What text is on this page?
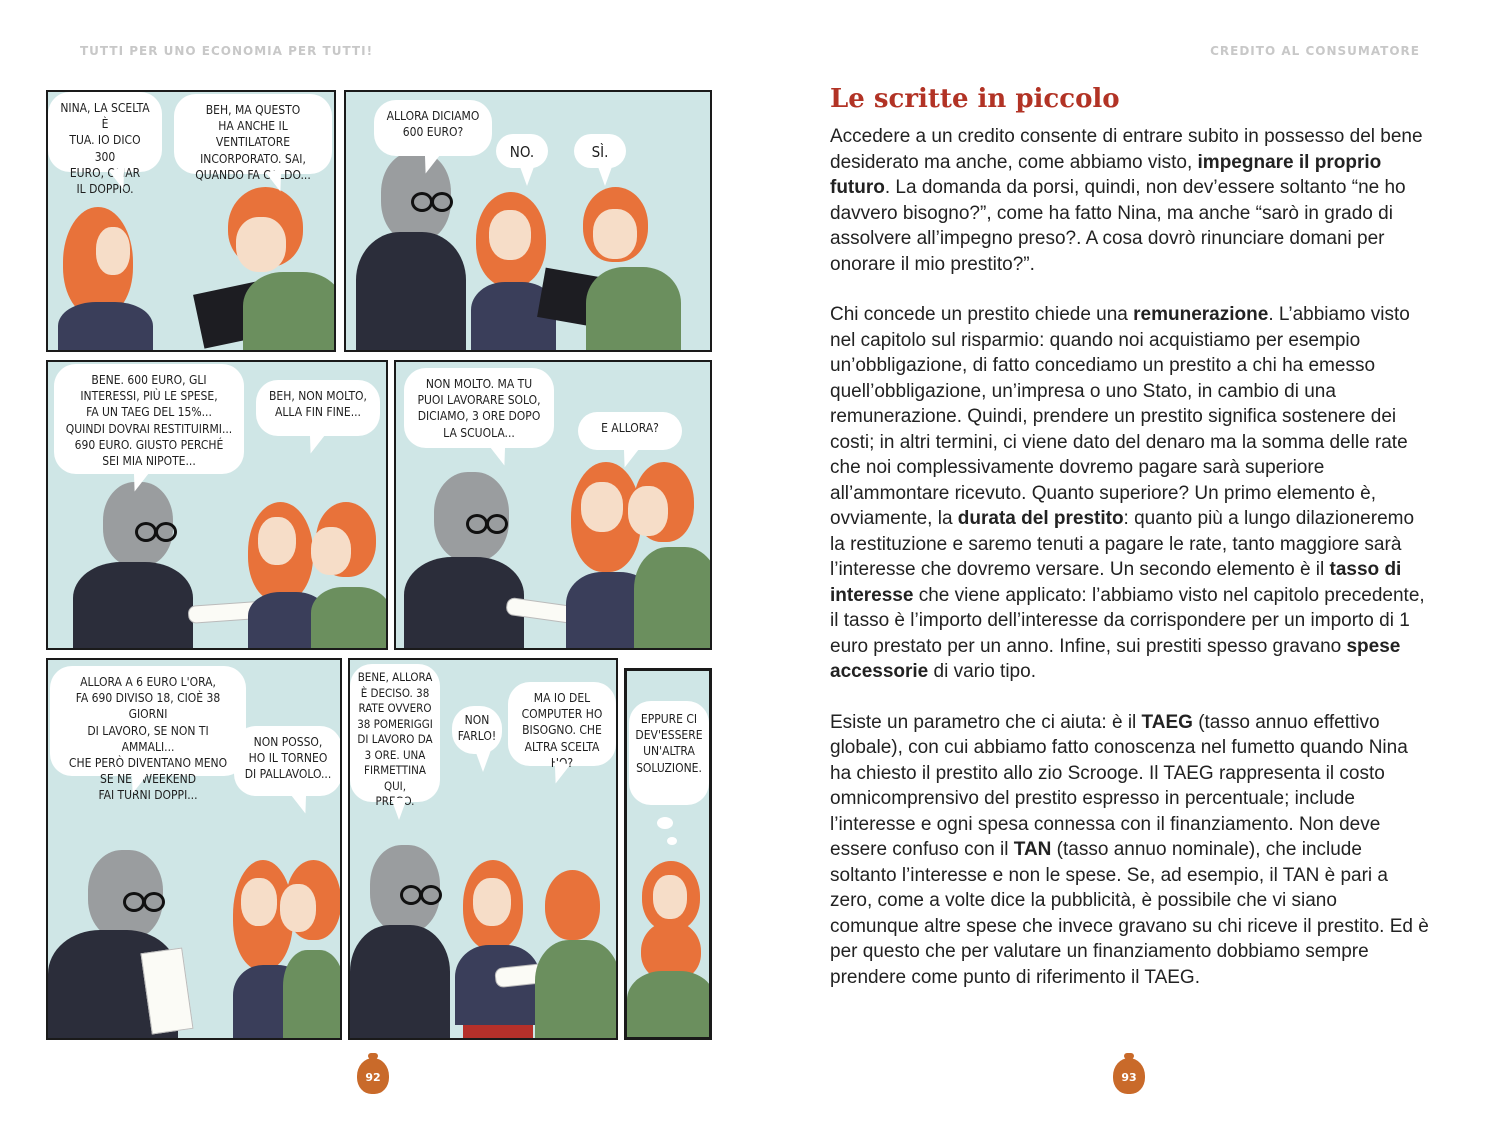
TUTTI PER UNO ECONOMIA PER TUTTI!	CREDITO AL CONSUMATORE
NINA, LA SCELTA È
TUA. IO DICO 300
EURO, OMAR
IL DOPPIO.
BEH, MA QUESTO
HA ANCHE IL VENTILATORE
INCORPORATO. SAI,
QUANDO FA CALDO...
ALLORA DICIAMO
600 EURO?
NO.	SÌ.
BENE. 600 EURO, GLI
INTERESSI, PIÙ LE SPESE,
FA UN TAEG DEL 15%...
QUINDI DOVRAI RESTITUIRMI...
690 EURO. GIUSTO PERCHÉ
SEI MIA NIPOTE...
BEH, NON MOLTO,
ALLA FIN FINE...
NON MOLTO. MA TU
PUOI LAVORARE SOLO,
DICIAMO, 3 ORE DOPO
LA SCUOLA...	E ALLORA?
ALLORA A 6 EURO L'ORA,
FA 690 DIVISO 18, CIOÈ 38 GIORNI
DI LAVORO, SE NON TI AMMALI...
CHE PERÒ DIVENTANO MENO
SE NEL WEEKEND
FAI TURNI DOPPI...
NON POSSO,
HO IL TORNEO
DI PALLAVOLO...
BENE, ALLORA
È DECISO. 38
RATE OVVERO
38 POMERIGGI
DI LAVORO DA
3 ORE. UNA
FIRMETTINA QUI,
PREGO.
NON
FARLO!
MA IO DEL
COMPUTER HO
BISOGNO. CHE
ALTRA SCELTA HO?
EPPURE CI
DEV'ESSERE
UN'ALTRA
SOLUZIONE.
92	93
Le scritte in piccolo

Accedere a un credito consente di entrare subito in possesso del bene desiderato ma anche, come abbiamo visto, impegnare il proprio futuro. La domanda da porsi, quindi, non dev’essere soltanto “ne ho davvero bisogno?”, come ha fatto Nina, ma anche “sarò in grado di assolvere all’impegno preso?. A cosa dovrò rinunciare domani per onorare il mio prestito?”.

Chi concede un prestito chiede una remunerazione. L’abbiamo visto nel capitolo sul risparmio: quando noi acquistiamo per esempio un’obbligazione, di fatto concediamo un prestito a chi ha emesso quell’obbligazione, un’impresa o uno Stato, in cambio di una remunerazione. Quindi, prendere un prestito significa sostenere dei costi; in altri termini, ci viene dato del denaro ma la somma delle rate che noi complessivamente dovremo pagare sarà superiore all’ammontare ricevuto. Quanto superiore? Un primo elemento è, ovviamente, la durata del prestito: quanto più a lungo dilazioneremo la restituzione e saremo tenuti a pagare le rate, tanto maggiore sarà l’interesse che dovremo versare. Un secondo elemento è il tasso di interesse che viene applicato: l’abbiamo visto nel capitolo precedente, il tasso è l’importo dell’interesse da corrispondere per un importo di 1 euro prestato per un anno. Infine, sui prestiti spesso gravano spese accessorie di vario tipo.

Esiste un parametro che ci aiuta: è il TAEG (tasso annuo effettivo globale), con cui abbiamo fatto conoscenza nel fumetto quando Nina ha chiesto il prestito allo zio Scrooge. Il TAEG rappresenta il costo omnicomprensivo del prestito espresso in percentuale; include l’interesse e ogni spesa connessa con il finanziamento. Non deve essere confuso con il TAN (tasso annuo nominale), che include soltanto l’interesse e non le spese. Se, ad esempio, il TAN è pari a zero, come a volte dice la pubblicità, è possibile che vi siano comunque altre spese che invece gravano su chi riceve il prestito. Ed è per questo che per valutare un finanziamento dobbiamo sempre prendere come punto di riferimento il TAEG.
